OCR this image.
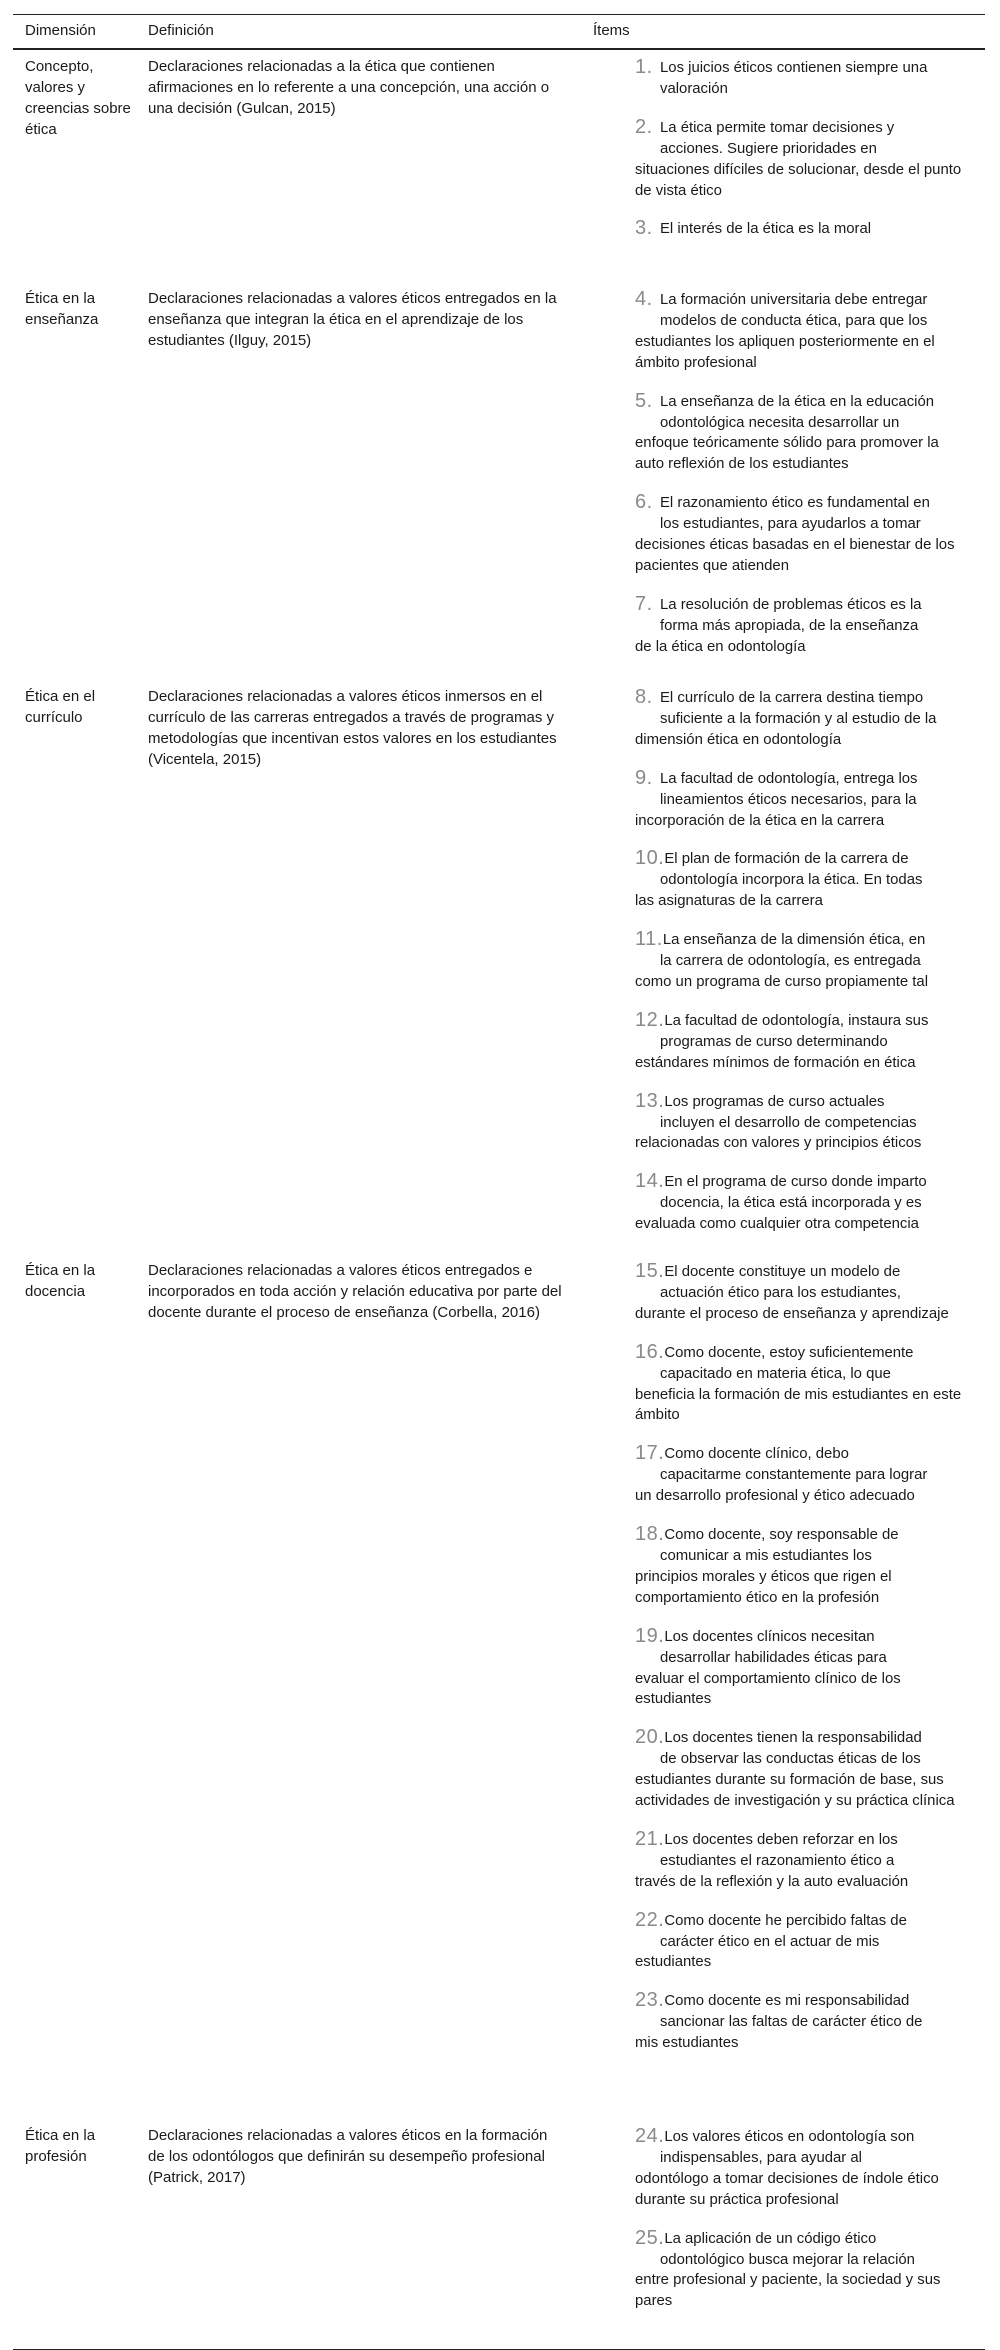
Dimensión	Definición	Ítems
Concepto, valores y creencias sobre ética
Declaraciones relacionadas a la ética que contienen afirmaciones en lo referente a una concepción, una acción o una decisión (Gulcan, 2015)
1. Los juicios éticos contienen siempre una
valoración
2. La ética permite tomar decisiones y
acciones. Sugiere prioridades en
situaciones difíciles de solucionar, desde el punto de vista ético
3. El interés de la ética es la moral
Ética en la enseñanza
Declaraciones relacionadas a valores éticos entregados en la enseñanza que integran la ética en el aprendizaje de los estudiantes (Ilguy, 2015)
4. La formación universitaria debe entregar
modelos de conducta ética, para que los
estudiantes los apliquen posteriormente en el ámbito profesional
5. La enseñanza de la ética en la educación
odontológica necesita desarrollar un
enfoque teóricamente sólido para promover la auto reflexión de los estudiantes
6. El razonamiento ético es fundamental en
los estudiantes, para ayudarlos a tomar
decisiones éticas basadas en el bienestar de los pacientes que atienden
7. La resolución de problemas éticos es la
forma más apropiada, de la enseñanza
de la ética en odontología
Ética en el currículo
Declaraciones relacionadas a valores éticos inmersos en el currículo de las carreras entregados a través de programas y metodologías que incentivan estos valores en los estudiantes (Vicentela, 2015)
8. El currículo de la carrera destina tiempo
suficiente a la formación y al estudio de la
dimensión ética en odontología
9. La facultad de odontología, entrega los
lineamientos éticos necesarios, para la
incorporación de la ética en la carrera
10.El plan de formación de la carrera de
odontología incorpora la ética. En todas
las asignaturas de la carrera
11.La enseñanza de la dimensión ética, en
la carrera de odontología, es entregada
como un programa de curso propiamente tal
12.La facultad de odontología, instaura sus
programas de curso determinando
estándares mínimos de formación en ética
13.Los programas de curso actuales
incluyen el desarrollo de competencias
relacionadas con valores y principios éticos
14.En el programa de curso donde imparto
docencia, la ética está incorporada y es
evaluada como cualquier otra competencia
Ética en la docencia
Declaraciones relacionadas a valores éticos entregados e incorporados en toda acción y relación educativa por parte del docente durante el proceso de enseñanza (Corbella, 2016)
15.El docente constituye un modelo de
actuación ético para los estudiantes,
durante el proceso de enseñanza y aprendizaje
16.Como docente, estoy suficientemente
capacitado en materia ética, lo que
beneficia la formación de mis estudiantes en este ámbito
17.Como docente clínico, debo
capacitarme constantemente para lograr
un desarrollo profesional y ético adecuado
18.Como docente, soy responsable de
comunicar a mis estudiantes los
principios morales y éticos que rigen el comportamiento ético en la profesión
19.Los docentes clínicos necesitan
desarrollar habilidades éticas para
evaluar el comportamiento clínico de los estudiantes
20.Los docentes tienen la responsabilidad
de observar las conductas éticas de los
estudiantes durante su formación de base, sus actividades de investigación y su práctica clínica
21.Los docentes deben reforzar en los
estudiantes el razonamiento ético a
través de la reflexión y la auto evaluación
22.Como docente he percibido faltas de
carácter ético en el actuar de mis
estudiantes
23.Como docente es mi responsabilidad
sancionar las faltas de carácter ético de
mis estudiantes
Ética en la profesión
Declaraciones relacionadas a valores éticos en la formación de los odontólogos que definirán su desempeño profesional (Patrick, 2017)
24.Los valores éticos en odontología son
indispensables, para ayudar al
odontólogo a tomar decisiones de índole ético durante su práctica profesional
25.La aplicación de un código ético
odontológico busca mejorar la relación
entre profesional y paciente, la sociedad y sus pares
